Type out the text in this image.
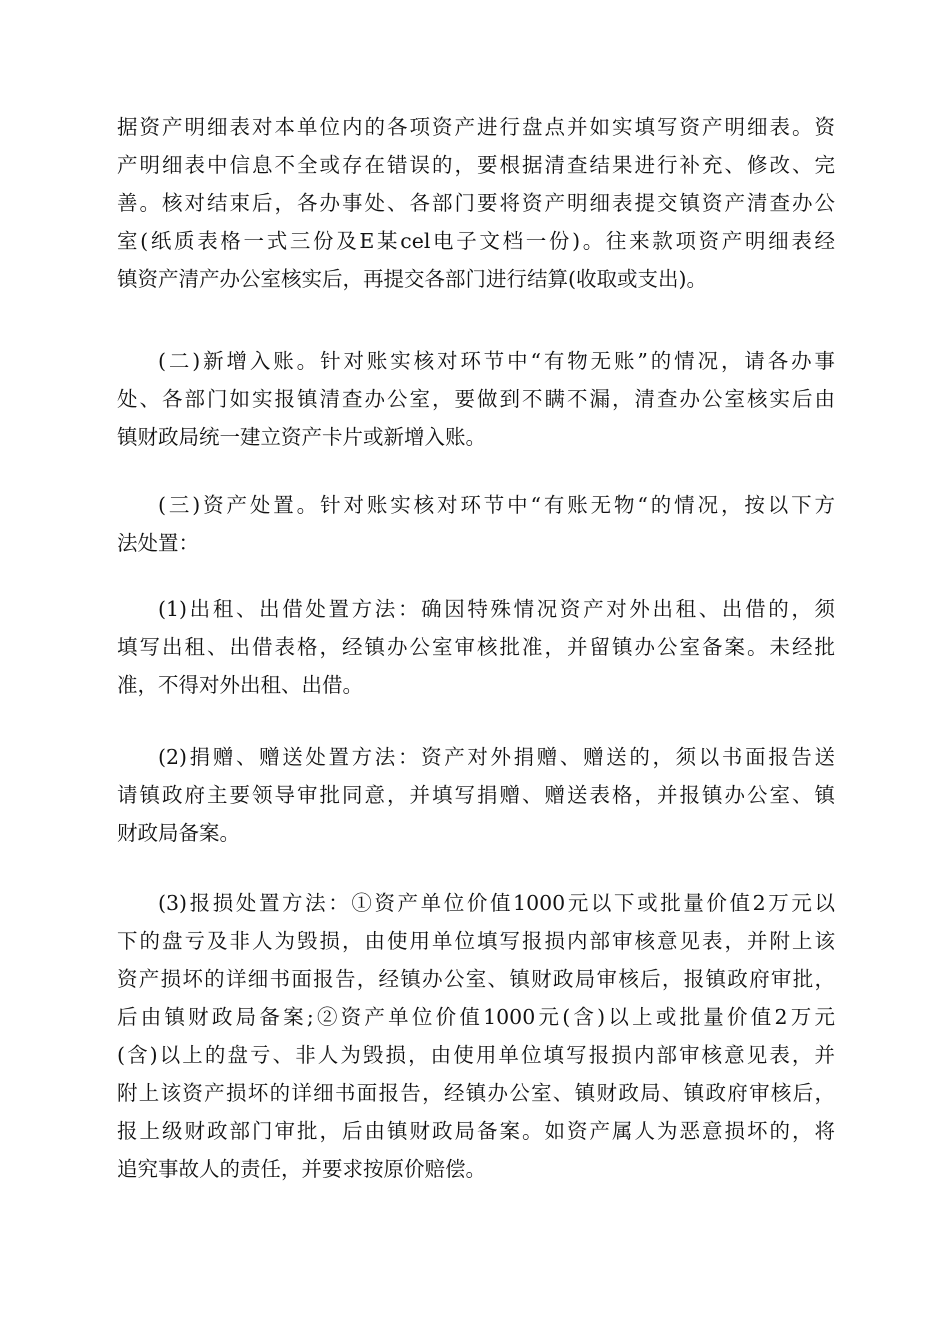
据资产明细表对本单位内的各项资产进行盘点并如实填写资产明细表。资
产明细表中信息不全或存在错误的，要根据清查结果进行补充、修改、完
善。核对结束后，各办事处、各部门要将资产明细表提交镇资产清查办公
室(纸质表格一式三份及E某cel电子文档一份)。往来款项资产明细表经
镇资产清产办公室核实后，再提交各部门进行结算(收取或支出)。
(二)新增入账。针对账实核对环节中“有物无账”的情况，请各办事
处、各部门如实报镇清查办公室，要做到不瞒不漏，清查办公室核实后由
镇财政局统一建立资产卡片或新增入账。
(三)资产处置。针对账实核对环节中“有账无物“的情况，按以下方
法处置：
(1)出租、出借处置方法：确因特殊情况资产对外出租、出借的，须
填写出租、出借表格，经镇办公室审核批准，并留镇办公室备案。未经批
准，不得对外出租、出借。
(2)捐赠、赠送处置方法：资产对外捐赠、赠送的，须以书面报告送
请镇政府主要领导审批同意，并填写捐赠、赠送表格，并报镇办公室、镇
财政局备案。
(3)报损处置方法：①资产单位价值1000元以下或批量价值2万元以
下的盘亏及非人为毁损，由使用单位填写报损内部审核意见表，并附上该
资产损坏的详细书面报告，经镇办公室、镇财政局审核后，报镇政府审批，
后由镇财政局备案;②资产单位价值1000元(含)以上或批量价值2万元
(含)以上的盘亏、非人为毁损，由使用单位填写报损内部审核意见表，并
附上该资产损坏的详细书面报告，经镇办公室、镇财政局、镇政府审核后，
报上级财政部门审批，后由镇财政局备案。如资产属人为恶意损坏的，将
追究事故人的责任，并要求按原价赔偿。
